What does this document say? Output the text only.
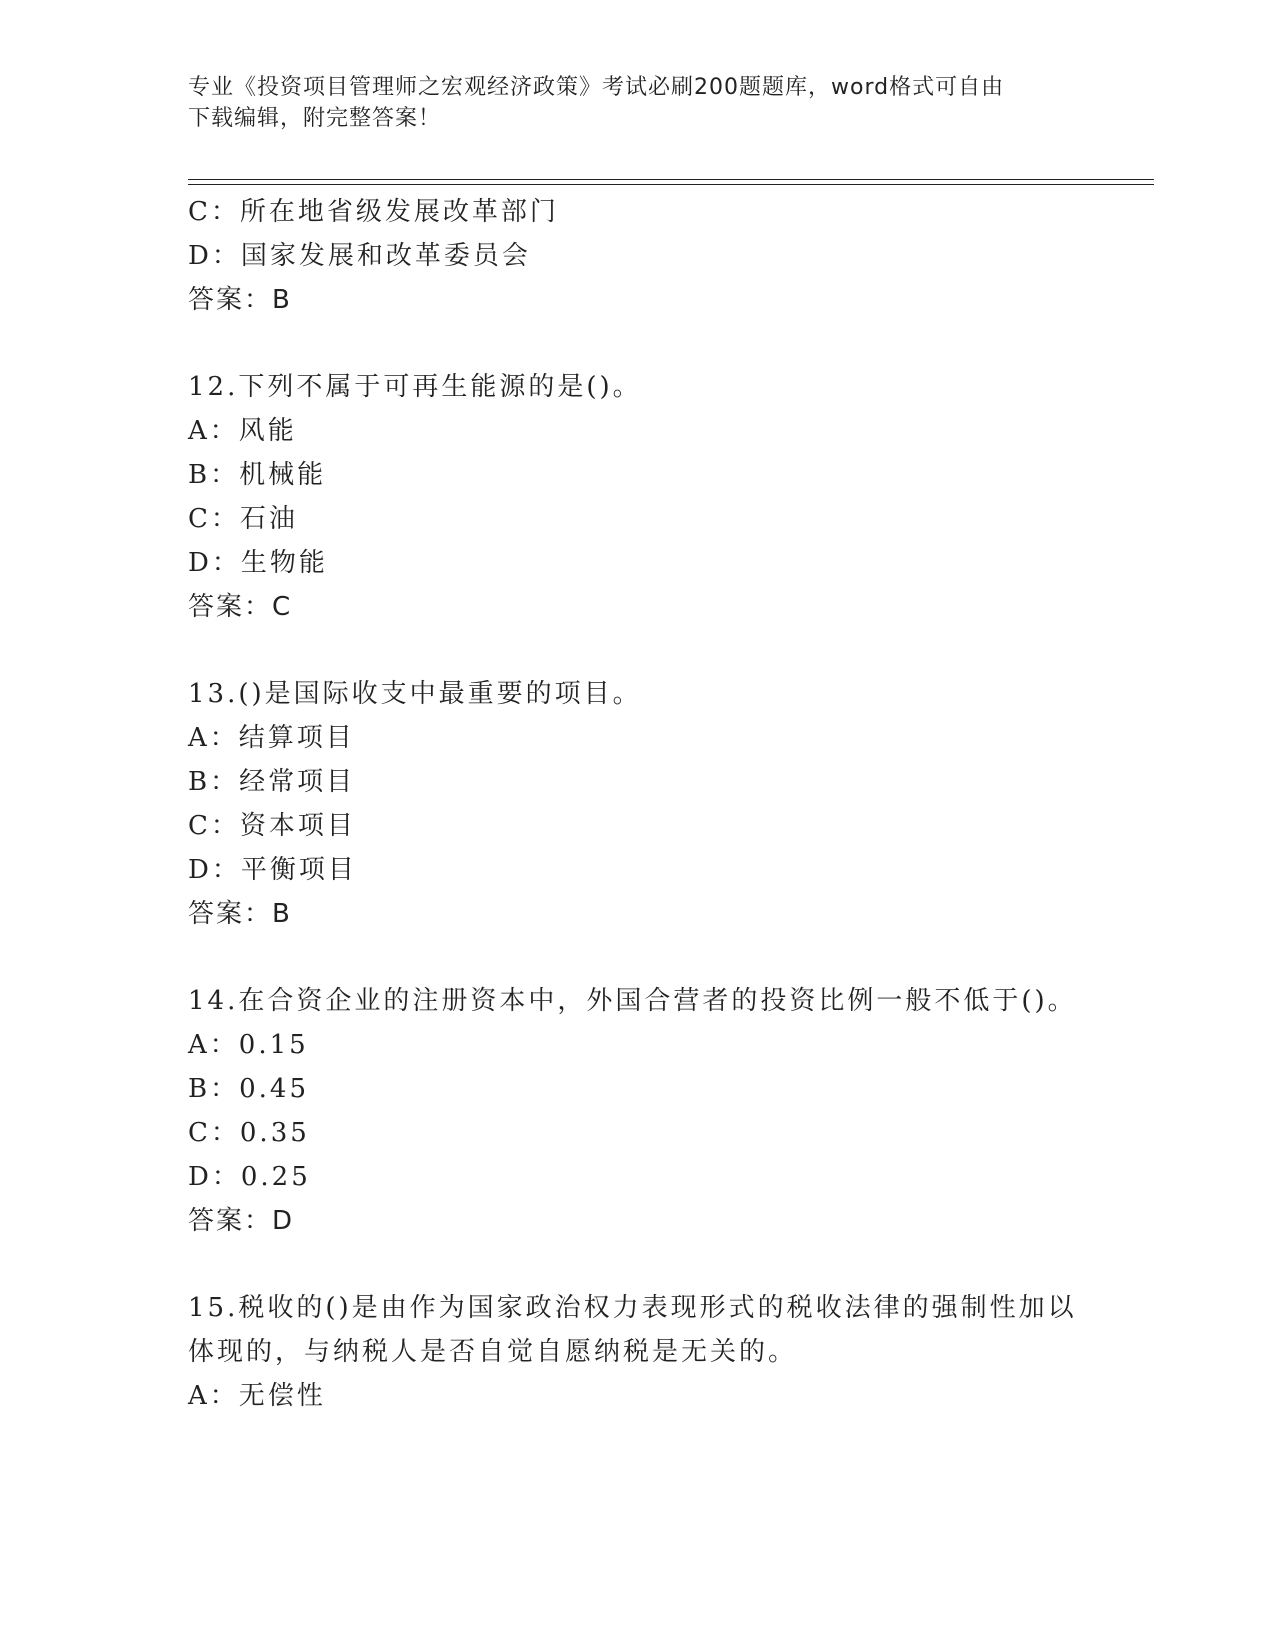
专业《投资项目管理师之宏观经济政策》考试必刷200题题库，word格式可自由
下载编辑，附完整答案！
C：所在地省级发展改革部门
D：国家发展和改革委员会
答案：B
12.下列不属于可再生能源的是()。
A：风能
B：机械能
C：石油
D：生物能
答案：C
13.()是国际收支中最重要的项目。
A：结算项目
B：经常项目
C：资本项目
D：平衡项目
答案：B
14.在合资企业的注册资本中，外国合营者的投资比例一般不低于()。
A：0.15
B：0.45
C：0.35
D：0.25
答案：D
15.税收的()是由作为国家政治权力表现形式的税收法律的强制性加以
体现的，与纳税人是否自觉自愿纳税是无关的。
A：无偿性
